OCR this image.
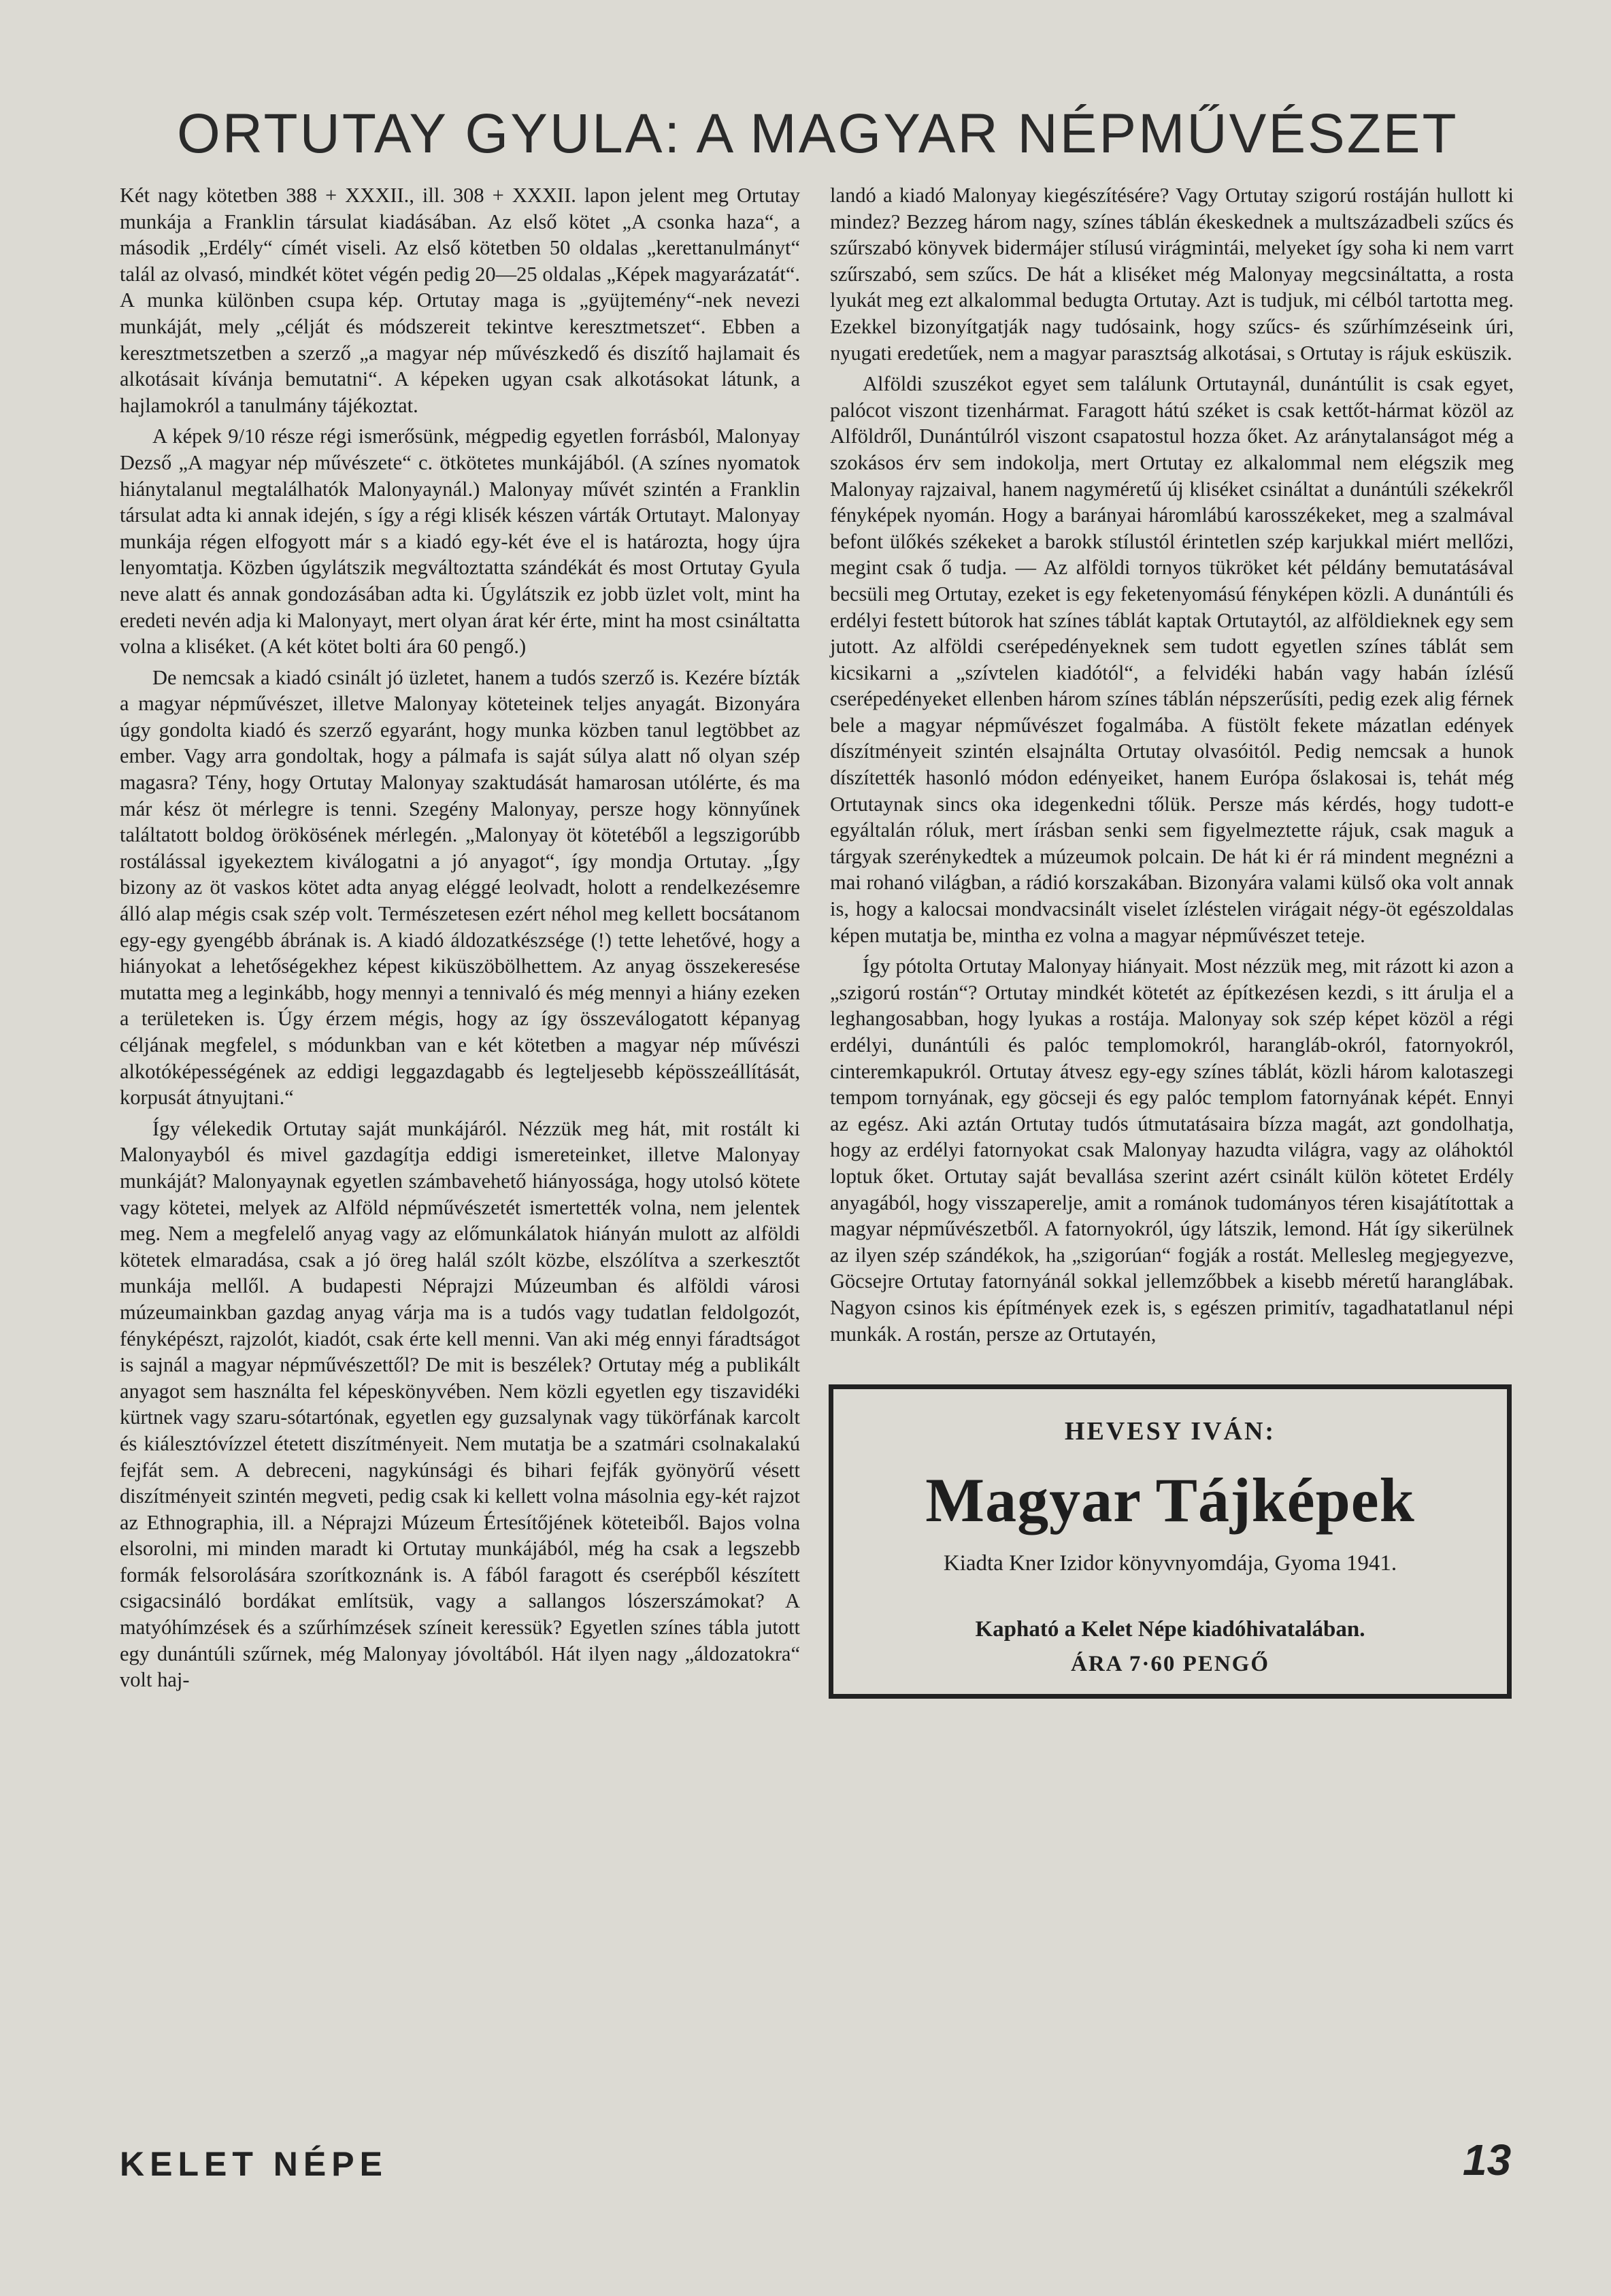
ORTUTAY GYULA: A MAGYAR NÉPMŰVÉSZET

Két nagy kötetben 388 + XXXII., ill. 308 + XXXII. lapon jelent meg Ortutay munkája a Franklin társulat kiadásában. Az első kötet „A csonka haza“, a második „Erdély“ címét viseli. Az első kötetben 50 oldalas „kerettanulmányt“ talál az olvasó, mindkét kötet végén pedig 20—25 oldalas „Képek magyarázatát“. A munka különben csupa kép. Ortutay maga is „gyüjtemény“-nek nevezi munkáját, mely „célját és módszereit tekintve keresztmetszet“. Ebben a keresztmetszetben a szerző „a magyar nép művészkedő és diszítő hajlamait és alkotásait kívánja bemutatni“. A képeken ugyan csak alkotásokat látunk, a hajlamokról a tanulmány tájékoztat.

A képek 9/10 része régi ismerősünk, mégpedig egyetlen forrásból, Malonyay Dezső „A magyar nép művészete“ c. ötkötetes munkájából. (A színes nyomatok hiánytalanul megtalálhatók Malonyaynál.) Malonyay művét szintén a Franklin társulat adta ki annak idején, s így a régi klisék készen várták Ortutayt. Malonyay munkája régen elfogyott már s a kiadó egy-két éve el is határozta, hogy újra lenyomtatja. Közben úgylátszik megváltoztatta szándékát és most Ortutay Gyula neve alatt és annak gondozásában adta ki. Úgylátszik ez jobb üzlet volt, mint ha eredeti nevén adja ki Malonyayt, mert olyan árat kér érte, mint ha most csináltatta volna a kliséket. (A két kötet bolti ára 60 pengő.)

De nemcsak a kiadó csinált jó üzletet, hanem a tudós szerző is. Kezére bízták a magyar népművészet, illetve Malonyay köteteinek teljes anyagát. Bizonyára úgy gondolta kiadó és szerző egyaránt, hogy munka közben tanul legtöbbet az ember. Vagy arra gondoltak, hogy a pálmafa is saját súlya alatt nő olyan szép magasra? Tény, hogy Ortutay Malonyay szaktudását hamarosan utólérte, és ma már kész öt mérlegre is tenni. Szegény Malonyay, persze hogy könnyűnek találtatott boldog örökösének mérlegén. „Malonyay öt kötetéből a legszigorúbb rostálással igyekeztem kiválogatni a jó anyagot“, így mondja Ortutay. „Így bizony az öt vaskos kötet adta anyag eléggé leolvadt, holott a rendelkezésemre álló alap mégis csak szép volt. Természetesen ezért néhol meg kellett bocsátanom egy-egy gyengébb ábrának is. A kiadó áldozatkészsége (!) tette lehetővé, hogy a hiányokat a lehetőségekhez képest kiküszöbölhettem. Az anyag összekeresése mutatta meg a leginkább, hogy mennyi a tennivaló és még mennyi a hiány ezeken a területeken is. Úgy érzem mégis, hogy az így összeválogatott képanyag céljának megfelel, s módunkban van e két kötetben a magyar nép művészi alkotóképességének az eddigi leggazdagabb és legteljesebb képösszeállítását, korpusát átnyujtani.“

Így vélekedik Ortutay saját munkájáról. Nézzük meg hát, mit rostált ki Malonyayból és mivel gazdagítja eddigi ismereteinket, illetve Malonyay munkáját? Malonyaynak egyetlen számbavehető hiányossága, hogy utolsó kötete vagy kötetei, melyek az Alföld népművészetét ismertették volna, nem jelentek meg. Nem a megfelelő anyag vagy az előmunkálatok hiányán mulott az alföldi kötetek elmaradása, csak a jó öreg halál szólt közbe, elszólítva a szerkesztőt munkája mellől. A budapesti Néprajzi Múzeumban és alföldi városi múzeumainkban gazdag anyag várja ma is a tudós vagy tudatlan feldolgozót, fényképészt, rajzolót, kiadót, csak érte kell menni. Van aki még ennyi fáradtságot is sajnál a magyar népművészettől? De mit is beszélek? Ortutay még a publikált anyagot sem használta fel képeskönyvében. Nem közli egyetlen egy tiszavidéki kürtnek vagy szaru-sótartónak, egyetlen egy guzsalynak vagy tükörfának karcolt és kiálesztóvízzel étetett diszítményeit. Nem mutatja be a szatmári csolnakalakú fejfát sem. A debreceni, nagykúnsági és bihari fejfák gyönyörű vésett diszítményeit szintén megveti, pedig csak ki kellett volna másolnia egy-két rajzot az Ethnographia, ill. a Néprajzi Múzeum Értesítőjének köteteiből. Bajos volna elsorolni, mi minden maradt ki Ortutay munkájából, még ha csak a legszebb formák felsorolására szorítkoznánk is. A fából faragott és cserépből készített csigacsináló bordákat említsük, vagy a sallangos lószerszámokat? A matyóhímzések és a szűrhímzések színeit keressük? Egyetlen színes tábla jutott egy dunántúli szűrnek, még Malonyay jóvoltából. Hát ilyen nagy „áldozatokra“ volt haj-

landó a kiadó Malonyay kiegészítésére? Vagy Ortutay szigorú rostáján hullott ki mindez? Bezzeg három nagy, színes táblán ékeskednek a multszázadbeli szűcs és szűrszabó könyvek bidermájer stílusú virágmintái, melyeket így soha ki nem varrt szűrszabó, sem szűcs. De hát a kliséket még Malonyay megcsináltatta, a rosta lyukát meg ezt alkalommal bedugta Ortutay. Azt is tudjuk, mi célból tartotta meg. Ezekkel bizonyítgatják nagy tudósaink, hogy szűcs- és szűrhímzéseink úri, nyugati eredetűek, nem a magyar parasztság alkotásai, s Ortutay is rájuk esküszik.

Alföldi szuszékot egyet sem találunk Ortutaynál, dunántúlit is csak egyet, palócot viszont tizenhármat. Faragott hátú széket is csak kettőt-hármat közöl az Alföldről, Dunántúlról viszont csapatostul hozza őket. Az aránytalanságot még a szokásos érv sem indokolja, mert Ortutay ez alkalommal nem elégszik meg Malonyay rajzaival, hanem nagyméretű új kliséket csináltat a dunántúli székekről fényképek nyomán. Hogy a barányai háromlábú karosszékeket, meg a szalmával befont ülőkés székeket a barokk stílustól érintetlen szép karjukkal miért mellőzi, megint csak ő tudja. — Az alföldi tornyos tükröket két példány bemutatásával becsüli meg Ortutay, ezeket is egy feketenyomású fényképen közli. A dunántúli és erdélyi festett bútorok hat színes táblát kaptak Ortutaytól, az alföldieknek egy sem jutott. Az alföldi cserépedényeknek sem tudott egyetlen színes táblát sem kicsikarni a „szívtelen kiadótól“, a felvidéki habán vagy habán ízlésű cserépedényeket ellenben három színes táblán népszerűsíti, pedig ezek alig férnek bele a magyar népművészet fogalmába. A füstölt fekete mázatlan edények díszítményeit szintén elsajnálta Ortutay olvasóitól. Pedig nemcsak a hunok díszítették hasonló módon edényeiket, hanem Európa őslakosai is, tehát még Ortutaynak sincs oka idegenkedni tőlük. Persze más kérdés, hogy tudott-e egyáltalán róluk, mert írásban senki sem figyelmeztette rájuk, csak maguk a tárgyak szerénykedtek a múzeumok polcain. De hát ki ér rá mindent megnézni a mai rohanó világban, a rádió korszakában. Bizonyára valami külső oka volt annak is, hogy a kalocsai mondvacsinált viselet ízléstelen virágait négy-öt egészoldalas képen mutatja be, mintha ez volna a magyar népművészet teteje.

Így pótolta Ortutay Malonyay hiányait. Most nézzük meg, mit rázott ki azon a „szigorú rostán“? Ortutay mindkét kötetét az építkezésen kezdi, s itt árulja el a leghangosabban, hogy lyukas a rostája. Malonyay sok szép képet közöl a régi erdélyi, dunántúli és palóc templomokról, harangláb-okról, fatornyokról, cinteremkapukról. Ortutay átvesz egy-egy színes táblát, közli három kalotaszegi tempom tornyának, egy göcseji és egy palóc templom fatornyának képét. Ennyi az egész. Aki aztán Ortutay tudós útmutatásaira bízza magát, azt gondolhatja, hogy az erdélyi fatornyokat csak Malonyay hazudta világra, vagy az oláhoktól loptuk őket. Ortutay saját bevallása szerint azért csinált külön kötetet Erdély anyagából, hogy visszaperelje, amit a románok tudományos téren kisajátítottak a magyar népművészetből. A fatornyokról, úgy látszik, lemond. Hát így sikerülnek az ilyen szép szándékok, ha „szigorúan“ fogják a rostát. Mellesleg megjegyezve, Göcsejre Ortutay fatornyánál sokkal jellemzőbbek a kisebb méretű haranglábak. Nagyon csinos kis építmények ezek is, s egészen primitív, tagadhatatlanul népi munkák. A rostán, persze az Ortutayén,

HEVESY IVÁN:
Magyar Tájképek
Kiadta Kner Izidor könyvnyomdája, Gyoma 1941.
Kapható a Kelet Népe kiadóhivatalában.
ÁRA 7·60 PENGŐ
KELET NÉPE	13
